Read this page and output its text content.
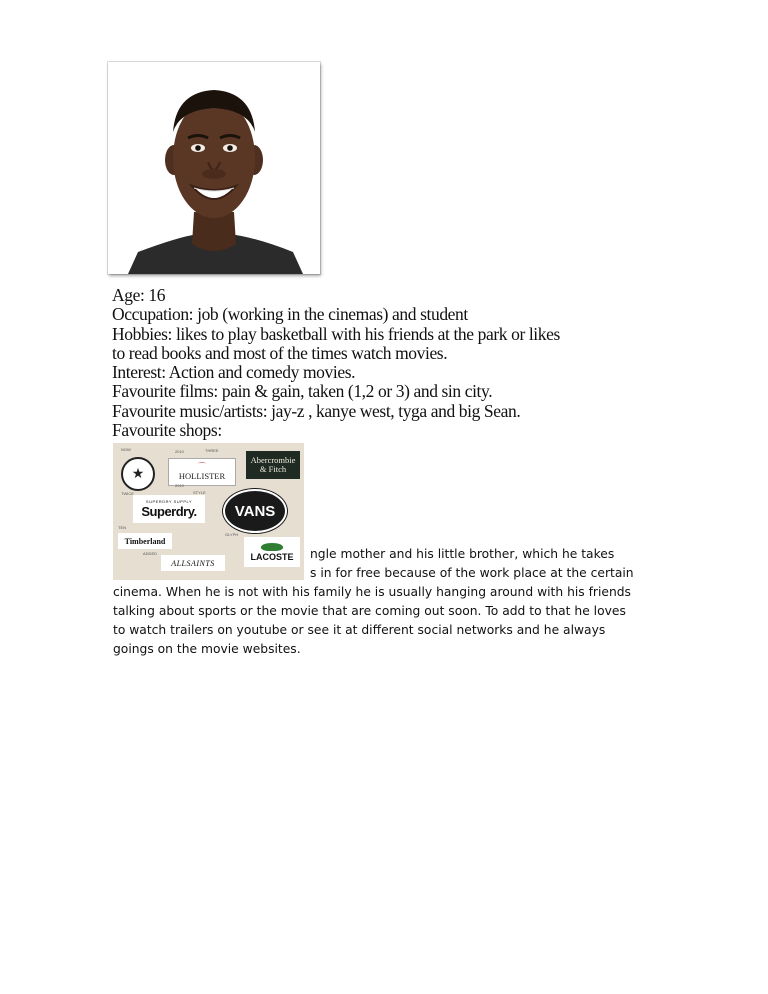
Age: 16
Occupation: job (working in the cinemas) and student
Hobbies: likes to play basketball with his friends at the park or likes
to read books and most of the times watch movies.
Interest: Action and comedy movies.
Favourite films: pain & gain, taken (1,2 or 3) and sin city.
Favourite music/artists: jay-z , kanye west, tyga and big Sean.
Favourite shops:
★	⌒
HOLLISTER
Abercrombie
& Fitch
SUPERDRY SUPPLY
Superdry.	VANS
Timberland
LACOSTE
ALLSAINTS
NOW	2010	THREE
TWICE	STYLE
2010
TEN
ADDED
GLYPH
ngle mother and his little brother, which he takes
s in for free because of the work place at the certain
cinema. When he is not with his family he is usually hanging around with his friends
talking about sports or the movie that are coming out soon. To add to that he loves
to watch trailers on youtube or see it at different social networks and he always
goings on the movie websites.
